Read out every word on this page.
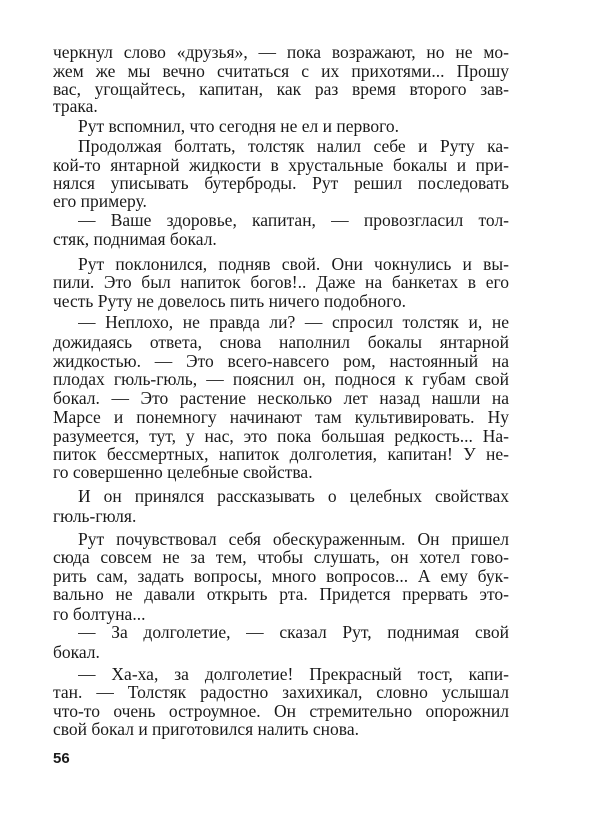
черкнул слово «друзья», — пока возражают, но не мо-
жем же мы вечно считаться с их прихотями... Прошу
вас, угощайтесь, капитан, как раз время второго зав-
трака.
Рут вспомнил, что сегодня не ел и первого.
Продолжая болтать, толстяк налил себе и Руту ка-
кой-то янтарной жидкости в хрустальные бокалы и при-
нялся уписывать бутерброды. Рут решил последовать
его примеру.
— Ваше здоровье, капитан, — провозгласил тол-
стяк, поднимая бокал.
Рут поклонился, подняв свой. Они чокнулись и вы-
пили. Это был напиток богов!.. Даже на банкетах в его
честь Руту не довелось пить ничего подобного.
— Неплохо, не правда ли? — спросил толстяк и, не
дожидаясь ответа, снова наполнил бокалы янтарной
жидкостью. — Это всего-навсего ром, настоянный на
плодах гюль-гюль, — пояснил он, поднося к губам свой
бокал. — Это растение несколько лет назад нашли на
Марсе и понемногу начинают там культивировать. Ну
разумеется, тут, у нас, это пока большая редкость... На-
питок бессмертных, напиток долголетия, капитан! У не-
го совершенно целебные свойства.
И он принялся рассказывать о целебных свойствах
гюль-гюля.
Рут почувствовал себя обескураженным. Он пришел
сюда совсем не за тем, чтобы слушать, он хотел гово-
рить сам, задать вопросы, много вопросов... А ему бук-
вально не давали открыть рта. Придется прервать это-
го болтуна...
— За долголетие, — сказал Рут, поднимая свой
бокал.
— Ха-ха, за долголетие! Прекрасный тост, капи-
тан. — Толстяк радостно захихикал, словно услышал
что-то очень остроумное. Он стремительно опорожнил
свой бокал и приготовился налить снова.
56
